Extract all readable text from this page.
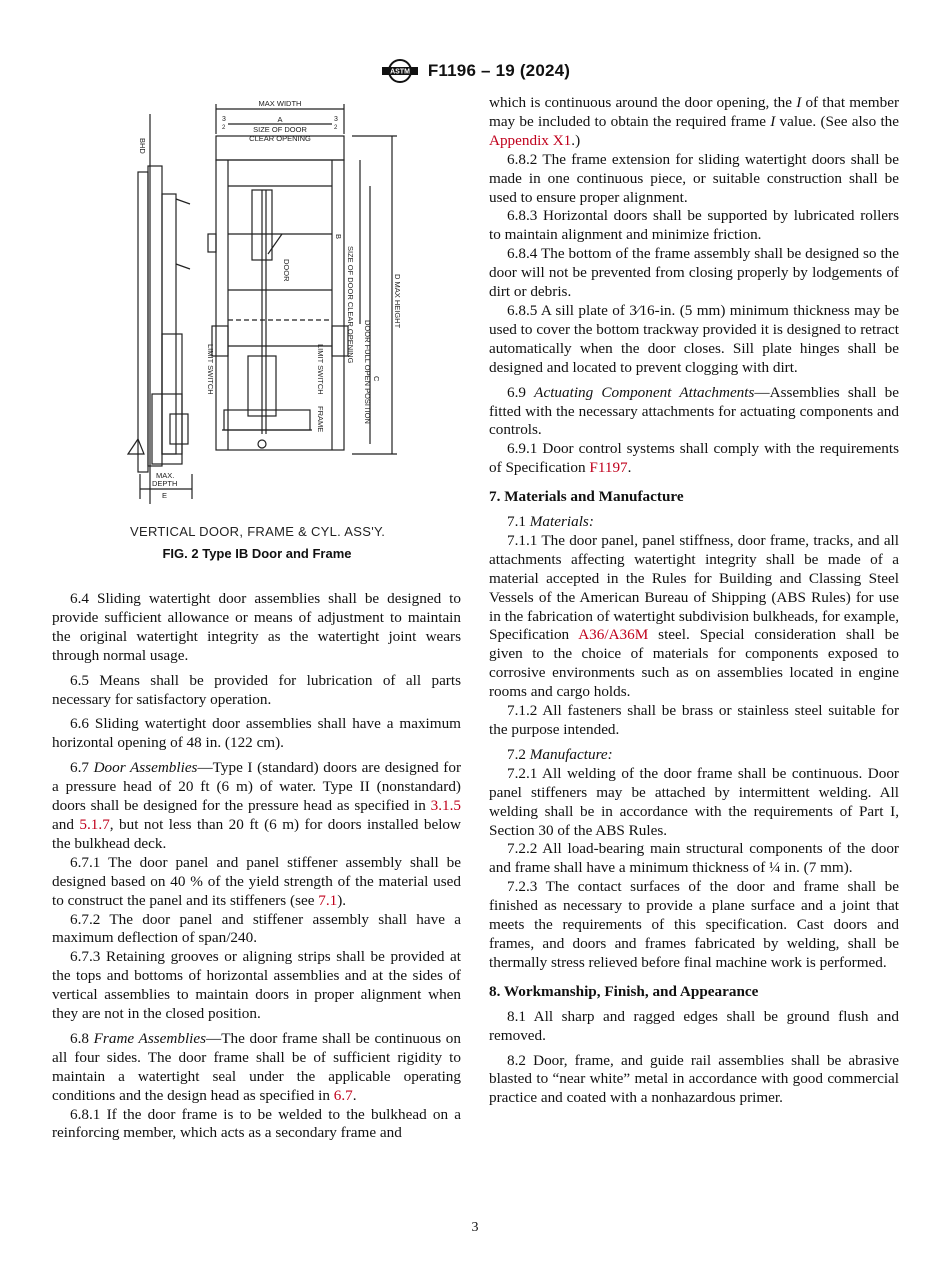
ASTM F1196 – 19 (2024)
MAX WIDTH
3
2
3
2
A
SIZE OF DOOR
CLEAR OPENING
BHD
B
SIZE OF DOOR CLEAR OPENING
DOOR
D MAX HEIGHT
C
DOOR FULL OPEN POSITION
LIMIT SWITCH	LIMIT SWITCH
FRAME
MAX.
DEPTH
E
VERTICAL DOOR, FRAME & CYL. ASS'Y.
FIG. 2 Type IB Door and Frame

6.4 Sliding watertight door assemblies shall be designed to provide sufficient allowance or means of adjustment to maintain the original watertight integrity as the watertight joint wears through normal usage.

6.5 Means shall be provided for lubrication of all parts necessary for satisfactory operation.

6.6 Sliding watertight door assemblies shall have a maximum horizontal opening of 48 in. (122 cm).

6.7 Door Assemblies—Type I (standard) doors are designed for a pressure head of 20 ft (6 m) of water. Type II (nonstandard) doors shall be designed for the pressure head as specified in 3.1.5 and 5.1.7, but not less than 20 ft (6 m) for doors installed below the bulkhead deck.

6.7.1 The door panel and panel stiffener assembly shall be designed based on 40 % of the yield strength of the material used to construct the panel and its stiffeners (see 7.1).

6.7.2 The door panel and stiffener assembly shall have a maximum deflection of span/240.

6.7.3 Retaining grooves or aligning strips shall be provided at the tops and bottoms of horizontal assemblies and at the sides of vertical assemblies to maintain doors in proper alignment when they are not in the closed position.

6.8 Frame Assemblies—The door frame shall be continuous on all four sides. The door frame shall be of sufficient rigidity to maintain a watertight seal under the applicable operating conditions and the design head as specified in 6.7.

6.8.1 If the door frame is to be welded to the bulkhead on a reinforcing member, which acts as a secondary frame and

which is continuous around the door opening, the I of that member may be included to obtain the required frame I value. (See also the Appendix X1.)

6.8.2 The frame extension for sliding watertight doors shall be made in one continuous piece, or suitable construction shall be used to ensure proper alignment.

6.8.3 Horizontal doors shall be supported by lubricated rollers to maintain alignment and minimize friction.

6.8.4 The bottom of the frame assembly shall be designed so the door will not be prevented from closing properly by lodgements of dirt or debris.

6.8.5 A sill plate of 3⁄16-in. (5 mm) minimum thickness may be used to cover the bottom trackway provided it is designed to retract automatically when the door closes. Sill plate hinges shall be designed and located to prevent clogging with dirt.

6.9 Actuating Component Attachments—Assemblies shall be fitted with the necessary attachments for actuating components and controls.

6.9.1 Door control systems shall comply with the requirements of Specification F1197.

7. Materials and Manufacture

7.1 Materials:

7.1.1 The door panel, panel stiffness, door frame, tracks, and all attachments affecting watertight integrity shall be made of a material accepted in the Rules for Building and Classing Steel Vessels of the American Bureau of Shipping (ABS Rules) for use in the fabrication of watertight subdivision bulkheads, for example, Specification A36/A36M steel. Special consideration shall be given to the choice of materials for components exposed to corrosive environments such as on assemblies located in engine rooms and cargo holds.

7.1.2 All fasteners shall be brass or stainless steel suitable for the purpose intended.

7.2 Manufacture:

7.2.1 All welding of the door frame shall be continuous. Door panel stiffeners may be attached by intermittent welding. All welding shall be in accordance with the requirements of Part I, Section 30 of the ABS Rules.

7.2.2 All load-bearing main structural components of the door and frame shall have a minimum thickness of ¼ in. (7 mm).

7.2.3 The contact surfaces of the door and frame shall be finished as necessary to provide a plane surface and a joint that meets the requirements of this specification. Cast doors and frames, and doors and frames fabricated by welding, shall be thermally stress relieved before final machine work is performed.

8. Workmanship, Finish, and Appearance

8.1 All sharp and ragged edges shall be ground flush and removed.

8.2 Door, frame, and guide rail assemblies shall be abrasive blasted to “near white” metal in accordance with good commercial practice and coated with a nonhazardous primer.

3
